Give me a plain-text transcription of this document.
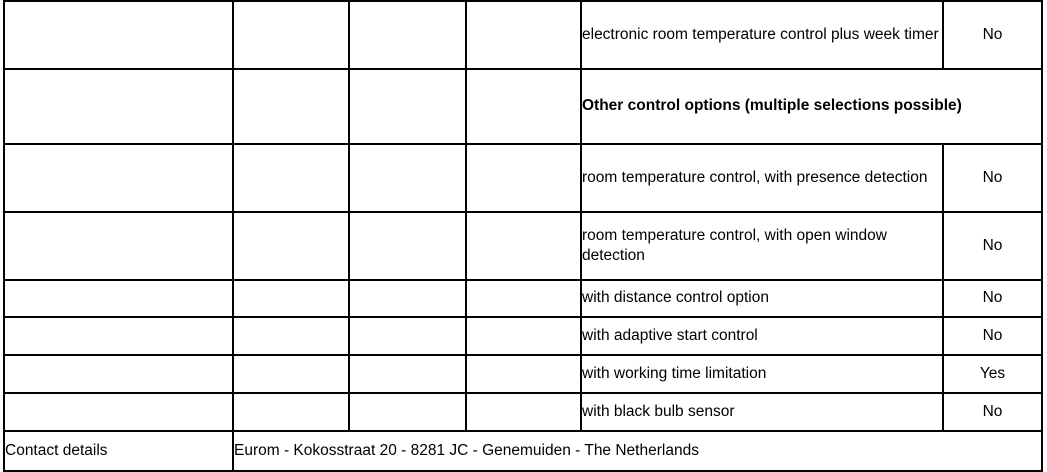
				electronic room temperature control plus week timer	No

				Other control options (multiple selections possible)	

				room temperature control, with presence detection	No

				room temperature control, with open window detection	No

				with distance control option	No

				with adaptive start control	No

				with working time limitation	Yes

				with black bulb sensor	No
Contact details	Eurom - Kokosstraat 20 - 8281 JC - Genemuiden - The Netherlands				
